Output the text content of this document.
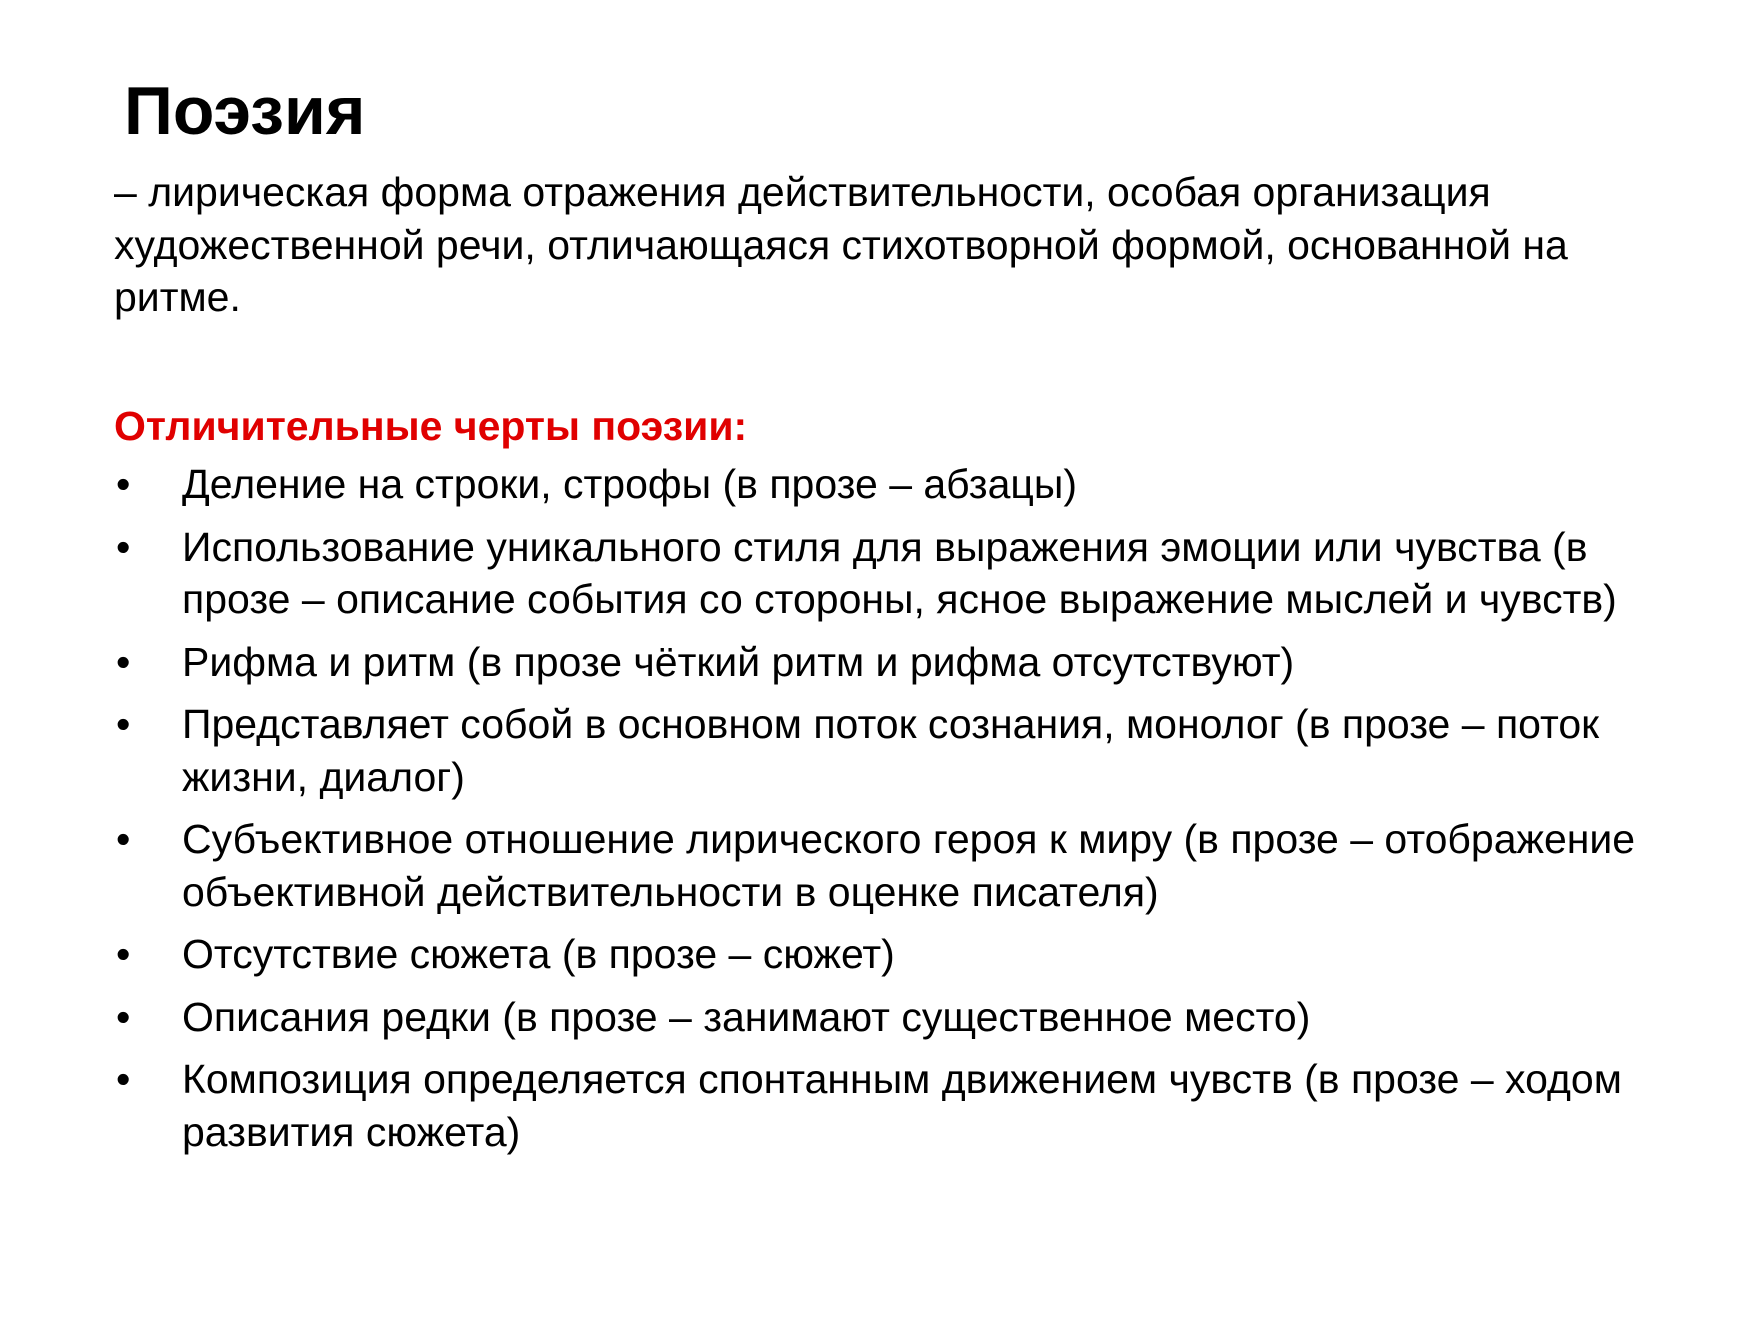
Поэзия

– лирическая форма отражения действительности, особая организация художественной речи, отличающаяся стихотворной формой, основанной на ритме.

Отличительные черты поэзии:

• Деление на строки, строфы (в прозе – абзацы)
• Использование уникального стиля для выражения эмоции или чувства (в прозе – описание события со стороны, ясное выражение мыслей и чувств)
• Рифма и ритм (в прозе чёткий ритм и рифма отсутствуют)
• Представляет собой в основном поток сознания, монолог (в прозе – поток жизни, диалог)
• Субъективное отношение лирического героя к миру (в прозе – отображение объективной действительности в оценке писателя)
• Отсутствие сюжета (в прозе – сюжет)
• Описания редки (в прозе – занимают существенное место)
• Композиция определяется спонтанным движением чувств (в прозе – ходом развития сюжета)
